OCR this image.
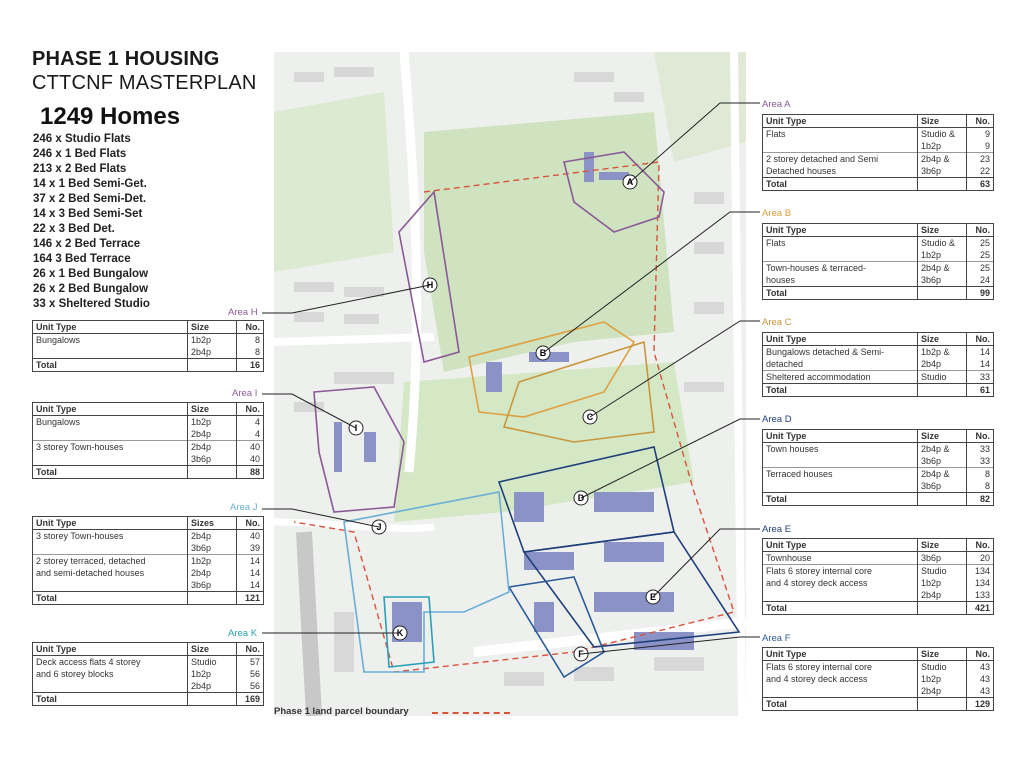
PHASE 1 HOUSING
CTTCNF MASTERPLAN
1249 Homes
246 x Studio Flats
246 x 1 Bed Flats
213 x 2 Bed Flats
14 x 1 Bed Semi-Get.
37 x 2 Bed Semi-Det.
14 x 3 Bed Semi-Set
22 x 3 Bed Det.
146 x 2 Bed Terrace
164 3 Bed Terrace
26 x 1 Bed Bungalow
26 x 2 Bed Bungalow
33 x Sheltered Studio
A
B
C
D
E
F
H
I
J
K
Phase 1 land parcel boundary
Area A
Unit Type	Size	No.
Flats	Studio &	9
	1b2p	9
2 storey detached and Semi	2b4p &	23
Detached houses	3b6p	22
Total		63
Area B
Unit Type	Size	No.
Flats	Studio &	25
	1b2p	25
Town-houses & terraced-	2b4p &	25
houses	3b6p	24
Total		99
Area C
Unit Type	Size	No.
Bungalows detached & Semi-	1b2p &	14
detached	2b4p	14
Sheltered accommodation	Studio	33
Total		61
Area D
Unit Type	Size	No.
Town houses	2b4p &	33
	3b6p	33
Terraced houses	2b4p &	8
	3b6p	8
Total		82
Area E
Unit Type	Size	No.
Townhouse	3b6p	20
Flats 6 storey internal core	Studio	134
and 4 storey deck access	1b2p	134
	2b4p	133
Total		421
Area F
Unit Type	Size	No.
Flats 6 storey internal core	Studio	43
and 4 storey deck access	1b2p	43
	2b4p	43
Total		129
Area H
Unit Type	Size	No.
Bungalows	1b2p	8
	2b4p	8
Total		16
Area I
Unit Type	Size	No.
Bungalows	1b2p	4
	2b4p	4
3 storey Town-houses	2b4p	40
	3b6p	40
Total		88
Area J
Unit Type	Sizes	No.
3 storey Town-houses	2b4p	40
	3b6p	39
2 storey terraced, detached	1b2p	14
and semi-detached houses	2b4p	14
	3b6p	14
Total		121
Area K
Unit Type	Size	No.
Deck access flats 4 storey	Studio	57
and 6 storey blocks	1b2p	56
	2b4p	56
Total		169
